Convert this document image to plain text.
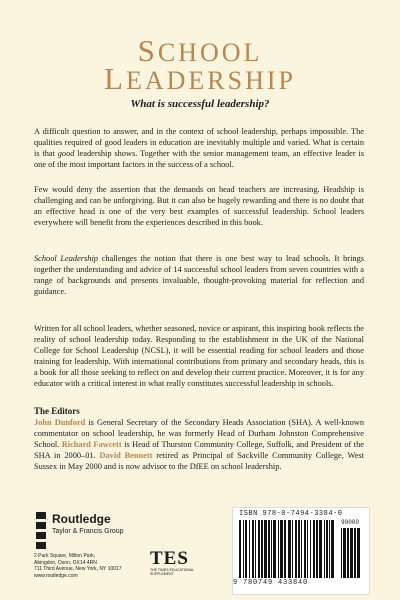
SCHOOL
LEADERSHIP
What is successful leadership?
A difficult question to answer, and in the context of school leadership, perhaps impossible. The qualities required of good leaders in education are inevitably multiple and varied. What is certain is that good leadership shows. Together with the senior management team, an effective leader is one of the most important factors in the success of a school.
Few would deny the assertion that the demands on head teachers are increasing. Headship is challenging and can be unforgiving. But it can also be hugely rewarding and there is no doubt that an effective head is one of the very best examples of successful leadership. School leaders everywhere will benefit from the experiences described in this book.
School Leadership challenges the notion that there is one best way to lead schools. It brings together the understanding and advice of 14 successful school leaders from seven countries with a range of backgrounds and presents invaluable, thought-provoking material for reflection and guidance.
Written for all school leaders, whether seasoned, novice or aspirant, this inspiring book reflects the reality of school leadership today. Responding to the establishment in the UK of the National College for School Leadership (NCSL), it will be essential reading for school leaders and those training for leadership. With international contributions from primary and secondary heads, this is a book for all those seeking to reflect on and develop their current practice. Moreover, it is for any educator with a critical interest in what really constitutes successful leadership in schools.
The Editors
John Dunford is General Secretary of the Secondary Heads Association (SHA). A well-known commentator on school leadership, he was formerly Head of Durham Johnston Comprehensive School. Richard Fawcett is Head of Thurston Community College, Suffolk, and President of the SHA in 2000–01. David Bennett retired as Principal of Sackville Community College, West Sussex in May 2000 and is now advisor to the DfEE on school leadership.
Routledge
Taylor & Francis Group
2 Park Square, Milton Park,
Abingdon, Oxon, OX14 4RN
711 Third Avenue, New York, NY 10017
www.routledge.com
TES
THE TIMES EDUCATIONAL SUPPLEMENT
ISBN 978-0-7494-3384-0
90000
9 780749 433840
